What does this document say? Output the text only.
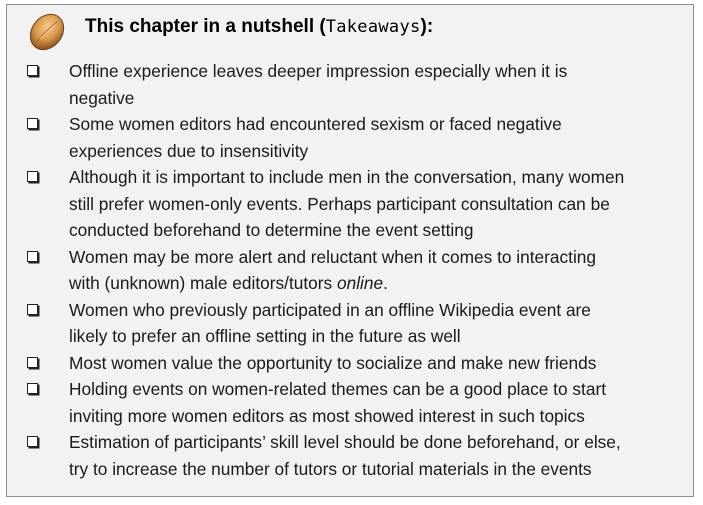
This chapter in a nutshell (Takeaways):
Offline experience leaves deeper impression especially when it is
negative
Some women editors had encountered sexism or faced negative
experiences due to insensitivity
Although it is important to include men in the conversation, many women
still prefer women-only events. Perhaps participant consultation can be
conducted beforehand to determine the event setting
Women may be more alert and reluctant when it comes to interacting
with (unknown) male editors/tutors online.
Women who previously participated in an offline Wikipedia event are
likely to prefer an offline setting in the future as well
Most women value the opportunity to socialize and make new friends
Holding events on women-related themes can be a good place to start
inviting more women editors as most showed interest in such topics
Estimation of participants’ skill level should be done beforehand, or else,
try to increase the number of tutors or tutorial materials in the events
